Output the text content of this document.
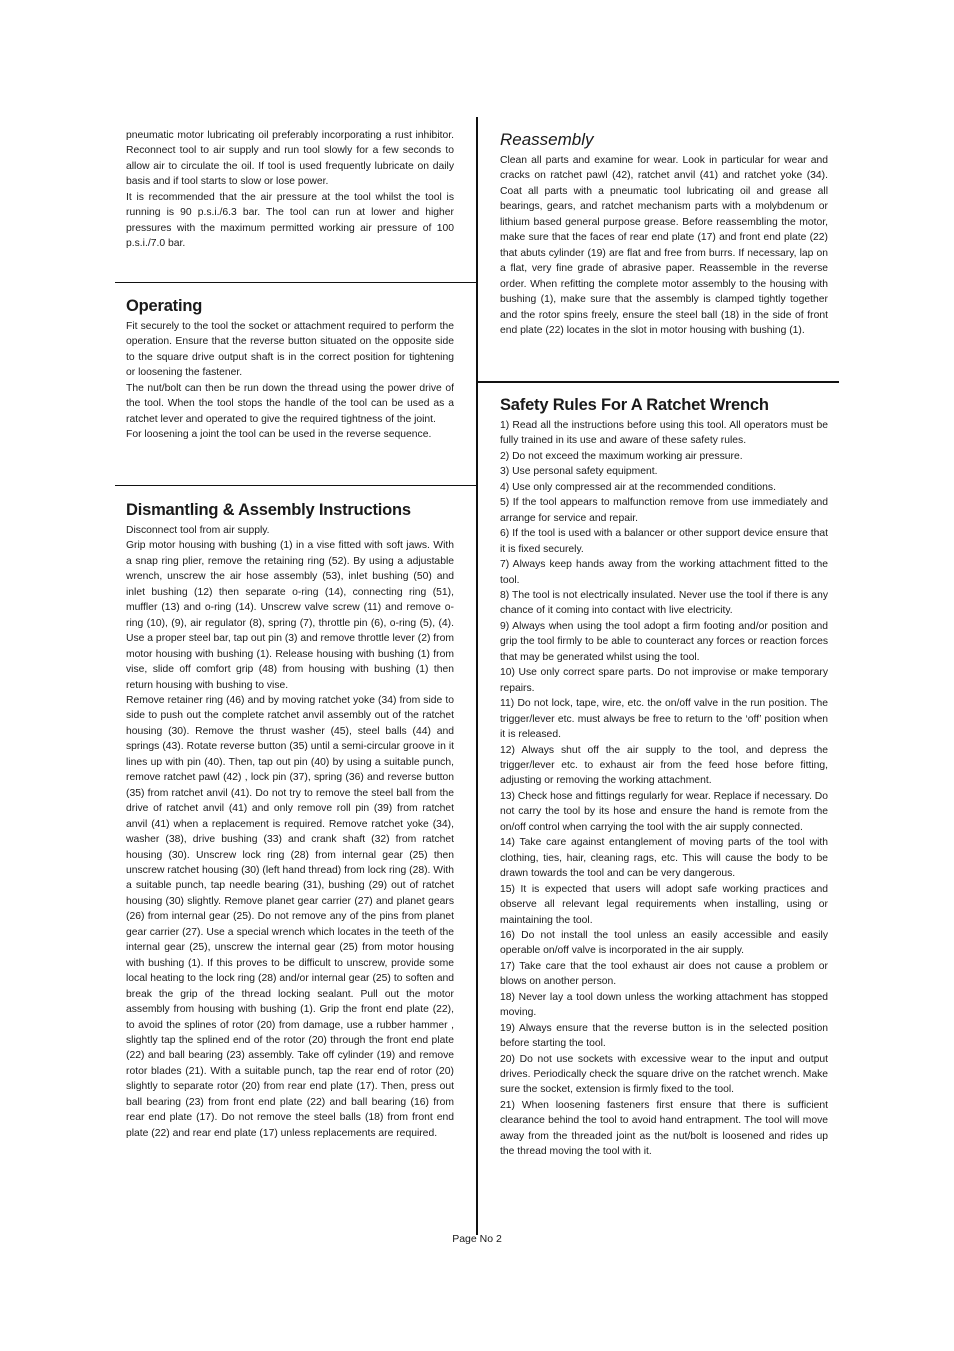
pneumatic motor lubricating oil preferably incorporating a rust inhibitor. Reconnect tool to air supply and run tool slowly for a few seconds to allow air to circulate the oil. If tool is used frequently lubricate on daily basis and if tool starts to slow or lose power.

It is recommended that the air pressure at the tool whilst the tool is running is 90 p.s.i./6.3 bar. The tool can run at lower and higher pressures with the maximum permitted working air pressure of 100 p.s.i./7.0 bar.

Operating

Fit securely to the tool the socket or attachment required to perform the operation. Ensure that the reverse button situated on the opposite side to the square drive output shaft is in the correct position for tightening or loosening the fastener.

The nut/bolt can then be run down the thread using the power drive of the tool. When the tool stops the handle of the tool can be used as a ratchet lever and operated to give the required tightness of the joint.

For loosening a joint the tool can be used in the reverse sequence.

Dismantling & Assembly Instructions

Disconnect tool from air supply.

Grip motor housing with bushing (1) in a vise fitted with soft jaws. With a snap ring plier, remove the retaining ring (52). By using a adjustable wrench, unscrew the air hose assembly (53), inlet bushing (50) and inlet bushing (12) then separate o-ring (14), connecting ring (51), muffler (13) and o-ring (14). Unscrew valve screw (11) and remove o-ring (10), (9), air regulator (8), spring (7), throttle pin (6), o-ring (5), (4). Use a proper steel bar, tap out pin (3) and remove throttle lever (2) from motor housing with bushing (1). Release housing with bushing (1) from vise, slide off comfort grip (48) from housing with bushing (1) then return housing with bushing to vise.

Remove retainer ring (46) and by moving ratchet yoke (34) from side to side to push out the complete ratchet anvil assembly out of the ratchet housing (30). Remove the thrust washer (45), steel balls (44) and springs (43). Rotate reverse button (35) until a semi-circular groove in it lines up with pin (40). Then, tap out pin (40) by using a suitable punch, remove ratchet pawl (42) , lock pin (37), spring (36) and reverse button (35) from ratchet anvil (41). Do not try to remove the steel ball from the drive of ratchet anvil (41) and only remove roll pin (39) from ratchet anvil (41) when a replacement is required. Remove ratchet yoke (34), washer (38), drive bushing (33) and crank shaft (32) from ratchet housing (30). Unscrew lock ring (28) from internal gear (25) then unscrew ratchet housing (30) (left hand thread) from lock ring (28). With a suitable punch, tap needle bearing (31), bushing (29) out of ratchet housing (30) slightly. Remove planet gear carrier (27) and planet gears (26) from internal gear (25). Do not remove any of the pins from planet gear carrier (27). Use a special wrench which locates in the teeth of the internal gear (25), unscrew the internal gear (25) from motor housing with bushing (1). If this proves to be difficult to unscrew, provide some local heating to the lock ring (28) and/or internal gear (25) to soften and break the grip of the thread locking sealant. Pull out the motor assembly from housing with bushing (1). Grip the front end plate (22), to avoid the splines of rotor (20) from damage, use a rubber hammer , slightly tap the splined end of the rotor (20) through the front end plate (22) and ball bearing (23) assembly. Take off cylinder (19) and remove rotor blades (21). With a suitable punch, tap the rear end of rotor (20) slightly to separate rotor (20) from rear end plate (17). Then, press out ball bearing (23) from front end plate (22) and ball bearing (16) from rear end plate (17). Do not remove the steel balls (18) from front end plate (22) and rear end plate (17) unless replacements are required.

Reassembly

Clean all parts and examine for wear. Look in particular for wear and cracks on ratchet pawl (42), ratchet anvil (41) and ratchet yoke (34). Coat all parts with a pneumatic tool lubricating oil and grease all bearings, gears, and ratchet mechanism parts with a molybdenum or lithium based general purpose grease. Before reassembling the motor, make sure that the faces of rear end plate (17) and front end plate (22) that abuts cylinder (19) are flat and free from burrs. If necessary, lap on a flat, very fine grade of abrasive paper. Reassemble in the reverse order. When refitting the complete motor assembly to the housing with bushing (1), make sure that the assembly is clamped tightly together and the rotor spins freely, ensure the steel ball (18) in the side of front end plate (22) locates in the slot in motor housing with bushing (1).

Safety Rules For A Ratchet Wrench

1) Read all the instructions before using this tool. All operators must be fully trained in its use and aware of these safety rules.

2) Do not exceed the maximum working air pressure.

3) Use personal safety equipment.

4) Use only compressed air at the recommended conditions.

5) If the tool appears to malfunction remove from use immediately and arrange for service and repair.

6) If the tool is used with a balancer or other support device ensure that it is fixed securely.

7) Always keep hands away from the working attachment fitted to the tool.

8) The tool is not electrically insulated. Never use the tool if there is any chance of it coming into contact with live electricity.

9) Always when using the tool adopt a firm footing and/or position and grip the tool firmly to be able to counteract any forces or reaction forces that may be generated whilst using the tool.

10) Use only correct spare parts. Do not improvise or make temporary repairs.

11) Do not lock, tape, wire, etc. the on/off valve in the run position. The trigger/lever etc. must always be free to return to the ‘off’ position when it is released.

12) Always shut off the air supply to the tool, and depress the trigger/lever etc. to exhaust air from the feed hose before fitting, adjusting or removing the working attachment.

13) Check hose and fittings regularly for wear. Replace if necessary. Do not carry the tool by its hose and ensure the hand is remote from the on/off control when carrying the tool with the air supply connected.

14) Take care against entanglement of moving parts of the tool with clothing, ties, hair, cleaning rags, etc. This will cause the body to be drawn towards the tool and can be very dangerous.

15) It is expected that users will adopt safe working practices and observe all relevant legal requirements when installing, using or maintaining the tool.

16) Do not install the tool unless an easily accessible and easily operable on/off valve is incorporated in the air supply.

17) Take care that the tool exhaust air does not cause a problem or blows on another person.

18) Never lay a tool down unless the working attachment has stopped moving.

19) Always ensure that the reverse button is in the selected position before starting the tool.

20) Do not use sockets with excessive wear to the input and output drives. Periodically check the square drive on the ratchet wrench. Make sure the socket, extension is firmly fixed to the tool.

21) When loosening fasteners first ensure that there is sufficient clearance behind the tool to avoid hand entrapment. The tool will move away from the threaded joint as the nut/bolt is loosened and rides up the thread moving the tool with it.

Page No 2
